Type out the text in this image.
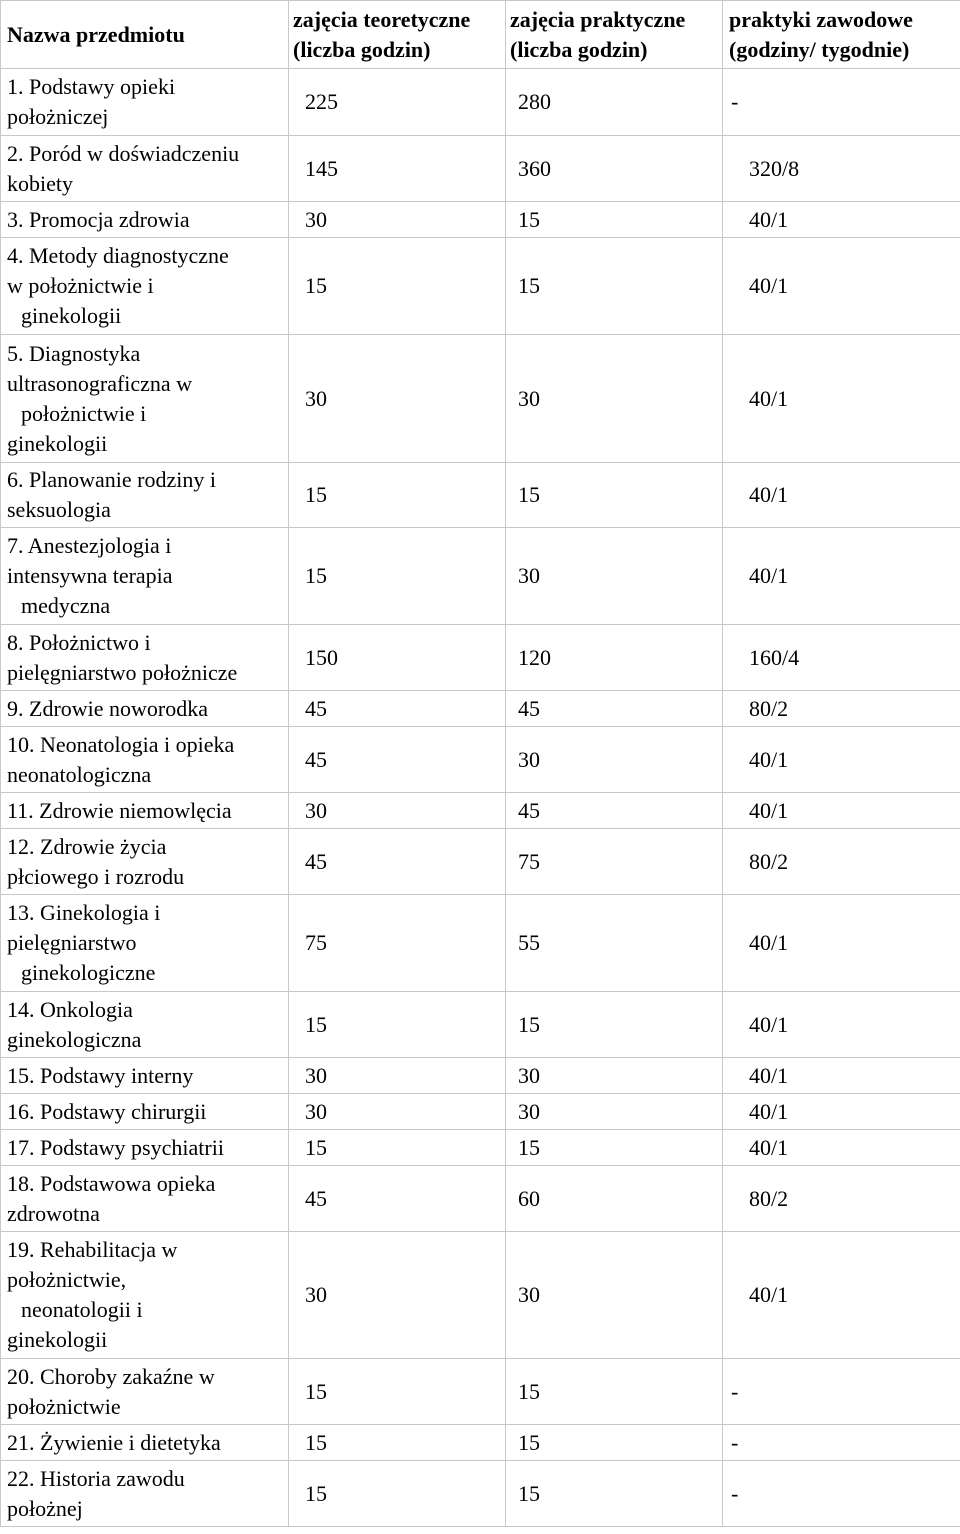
Nazwa przedmiotu	zajęcia teoretyczne (liczba godzin)	zajęcia praktyczne (liczba godzin)	praktyki zawodowe (godziny/ tygodnie)

1. Podstawy opieki
położniczej	225	280	-

2. Poród w doświadczeniu
kobiety	145	360	320/8

3. Promocja zdrowia	30	15	40/1

4. Metody diagnostyczne
w położnictwie i
ginekologii	15	15	40/1

5. Diagnostyka
ultrasonograficzna w
położnictwie i
ginekologii	30	30	40/1

6. Planowanie rodziny i
seksuologia	15	15	40/1

7. Anestezjologia i
intensywna terapia
medyczna	15	30	40/1

8. Położnictwo i
pielęgniarstwo położnicze	150	120	160/4

9. Zdrowie noworodka	45	45	80/2

10. Neonatologia i opieka
neonatologiczna	45	30	40/1

11. Zdrowie niemowlęcia	30	45	40/1

12. Zdrowie życia
płciowego i rozrodu	45	75	80/2

13. Ginekologia i
pielęgniarstwo
ginekologiczne	75	55	40/1

14. Onkologia
ginekologiczna	15	15	40/1

15. Podstawy interny	30	30	40/1

16. Podstawy chirurgii	30	30	40/1

17. Podstawy psychiatrii	15	15	40/1

18. Podstawowa opieka
zdrowotna	45	60	80/2

19. Rehabilitacja w
położnictwie,
neonatologii i
ginekologii	30	30	40/1

20. Choroby zakaźne w
położnictwie	15	15	-

21. Żywienie i dietetyka	15	15	-

22. Historia zawodu
położnej	15	15	-
